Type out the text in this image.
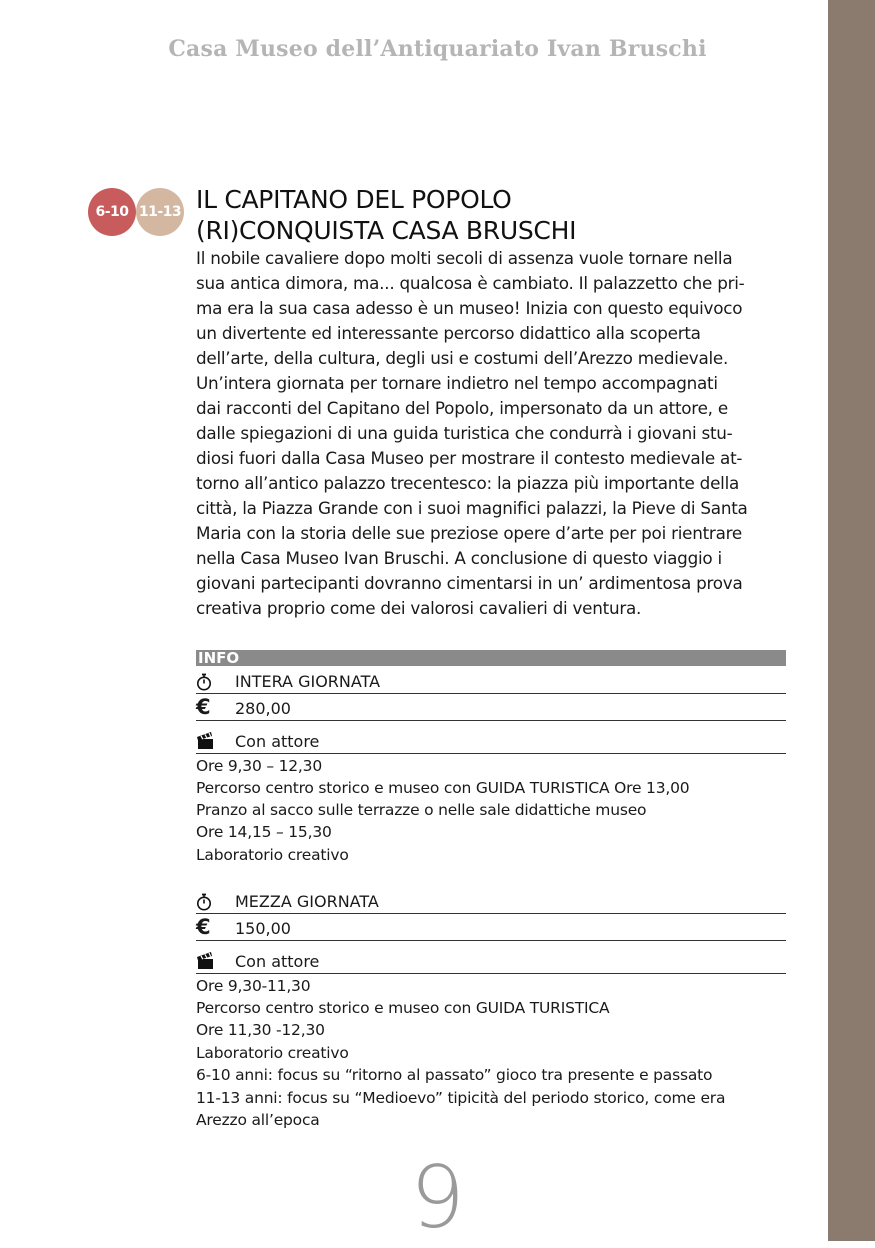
Casa Museo dell’Antiquariato Ivan Bruschi
6-10 11-13 IL CAPITANO DEL POPOLO
(RI)CONQUISTA CASA BRUSCHI
Il nobile cavaliere dopo molti secoli di assenza vuole tornare nella
sua antica dimora, ma... qualcosa è cambiato. Il palazzetto che pri-
ma era la sua casa adesso è un museo! Inizia con questo equivoco
un divertente ed interessante percorso didattico alla scoperta
dell’arte, della cultura, degli usi e costumi dell’Arezzo medievale.
Un’intera giornata per tornare indietro nel tempo accompagnati
dai racconti del Capitano del Popolo, impersonato da un attore, e
dalle spiegazioni di una guida turistica che condurrà i giovani stu-
diosi fuori dalla Casa Museo per mostrare il contesto medievale at-
torno all’antico palazzo trecentesco: la piazza più importante della
città, la Piazza Grande con i suoi magnifici palazzi, la Pieve di Santa
Maria con la storia delle sue preziose opere d’arte per poi rientrare
nella Casa Museo Ivan Bruschi. A conclusione di questo viaggio i
giovani partecipanti dovranno cimentarsi in un’ ardimentosa prova
creativa proprio come dei valorosi cavalieri di ventura.
INFO
INTERA GIORNATA
€	280,00
Con attore
Ore 9,30 – 12,30
Percorso centro storico e museo con GUIDA TURISTICA Ore 13,00
Pranzo al sacco sulle terrazze o nelle sale didattiche museo
Ore 14,15 – 15,30
Laboratorio creativo
MEZZA GIORNATA
€	150,00
Con attore
Ore 9,30-11,30
Percorso centro storico e museo con GUIDA TURISTICA
Ore 11,30 -12,30
Laboratorio creativo
6-10 anni: focus su “ritorno al passato” gioco tra presente e passato
11-13 anni: focus su “Medioevo” tipicità del periodo storico, come era
Arezzo all’epoca
9
